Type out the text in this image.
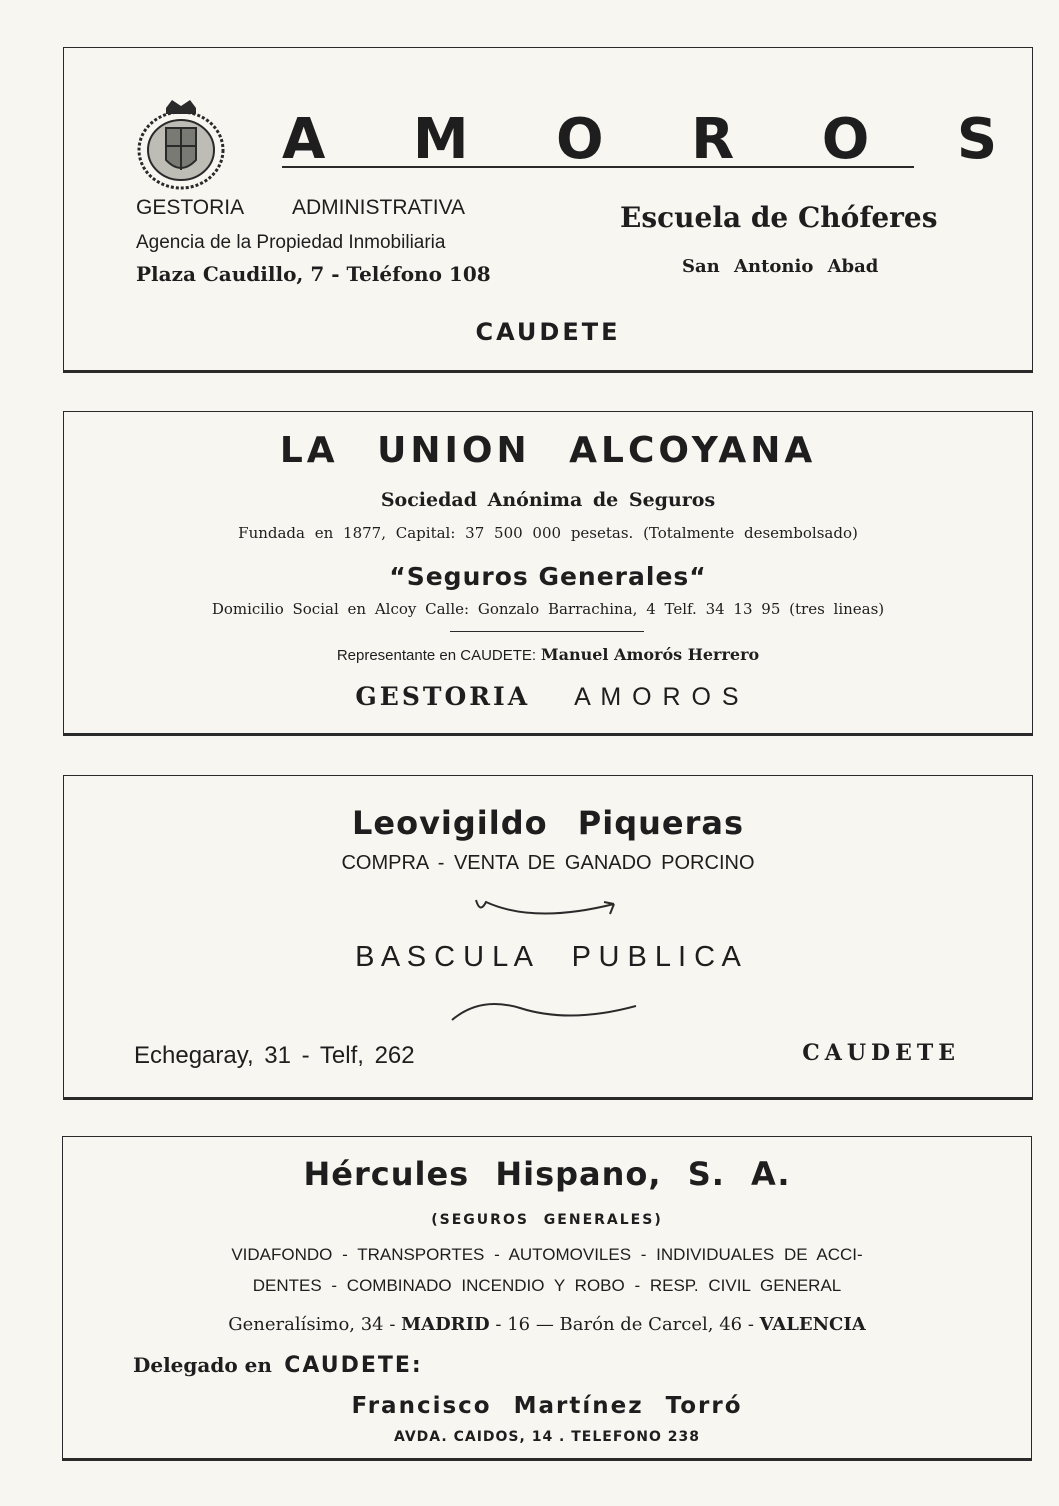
A M O R O S
GESTORIA ADMINISTRATIVA
Agencia de la Propiedad Inmobiliaria
Plaza Caudillo, 7 - Teléfono 108
Escuela de Chóferes
San Antonio Abad
CAUDETE
LA UNION ALCOYANA
Sociedad Anónima de Seguros
Fundada en 1877, Capital: 37 500 000 pesetas. (Totalmente desembolsado)
“Seguros Generales“
Domicilio Social en Alcoy Calle: Gonzalo Barrachina, 4 Telf. 34 13 95 (tres lineas)
Representante en CAUDETE: Manuel Amorós Herrero
GESTORIA A M O R O S
Leovigildo Piqueras
COMPRA - VENTA DE GANADO PORCINO
B A S C U L A     P U B L I C A
Echegaray, 31 - Telf, 262	CAUDETE
Hércules Hispano, S. A.
(SEGUROS GENERALES)
VIDAFONDO - TRANSPORTES - AUTOMOVILES - INDIVIDUALES DE ACCI-
DENTES - COMBINADO INCENDIO Y ROBO - RESP. CIVIL GENERAL
Generalísimo, 34 - MADRID - 16 — Barón de Carcel, 46 - VALENCIA
Delegado en CAUDETE:
Francisco Martínez Torró
AVDA. CAIDOS, 14 . TELEFONO 238
